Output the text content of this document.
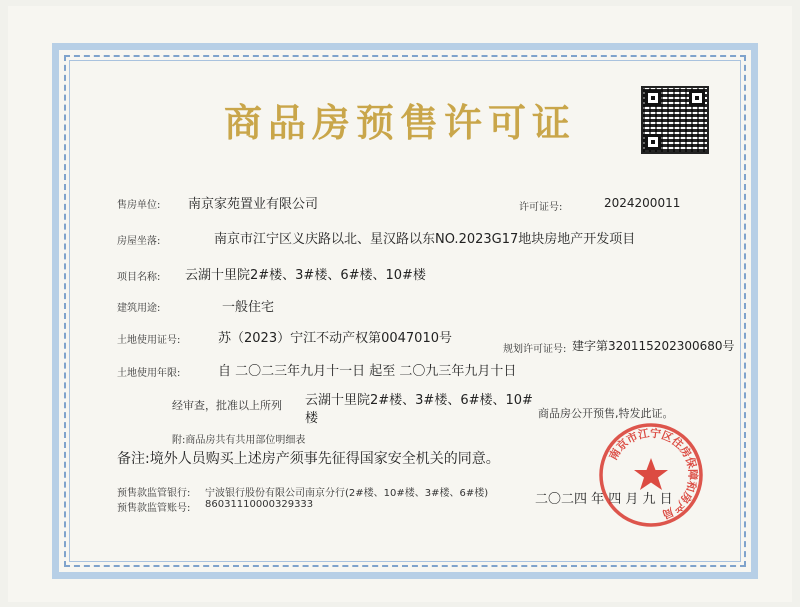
商品房预售许可证
售房单位: 南京家苑置业有限公司	许可证号:	2024200011
房屋坐落:	南京市江宁区义庆路以北、星汉路以东NO.2023G17地块房地产开发项目
项目名称: 云湖十里院2#楼、3#楼、6#楼、10#楼
建筑用途:	一般住宅
土地使用证号:	苏（2023）宁江不动产权第0047010号
规划许可证号: 建字第320115202300680号
土地使用年限:	自 二〇二三年九月十一日 起至 二〇九三年九月十日
经审查，批准以上所列 云湖十里院2#楼、3#楼、6#楼、10#
楼	商品房公开预售,特发此证。
附:商品房共有共用部位明细表
备注:境外人员购买上述房产须事先征得国家安全机关的同意。
预售款监管银行: 宁波银行股份有限公司南京分行(2#楼、10#楼、3#楼、6#楼)
预售款监管账号: 86031110000329333	二〇二四 年 四 月 九 日
南京市江宁区住房保障和房产局
